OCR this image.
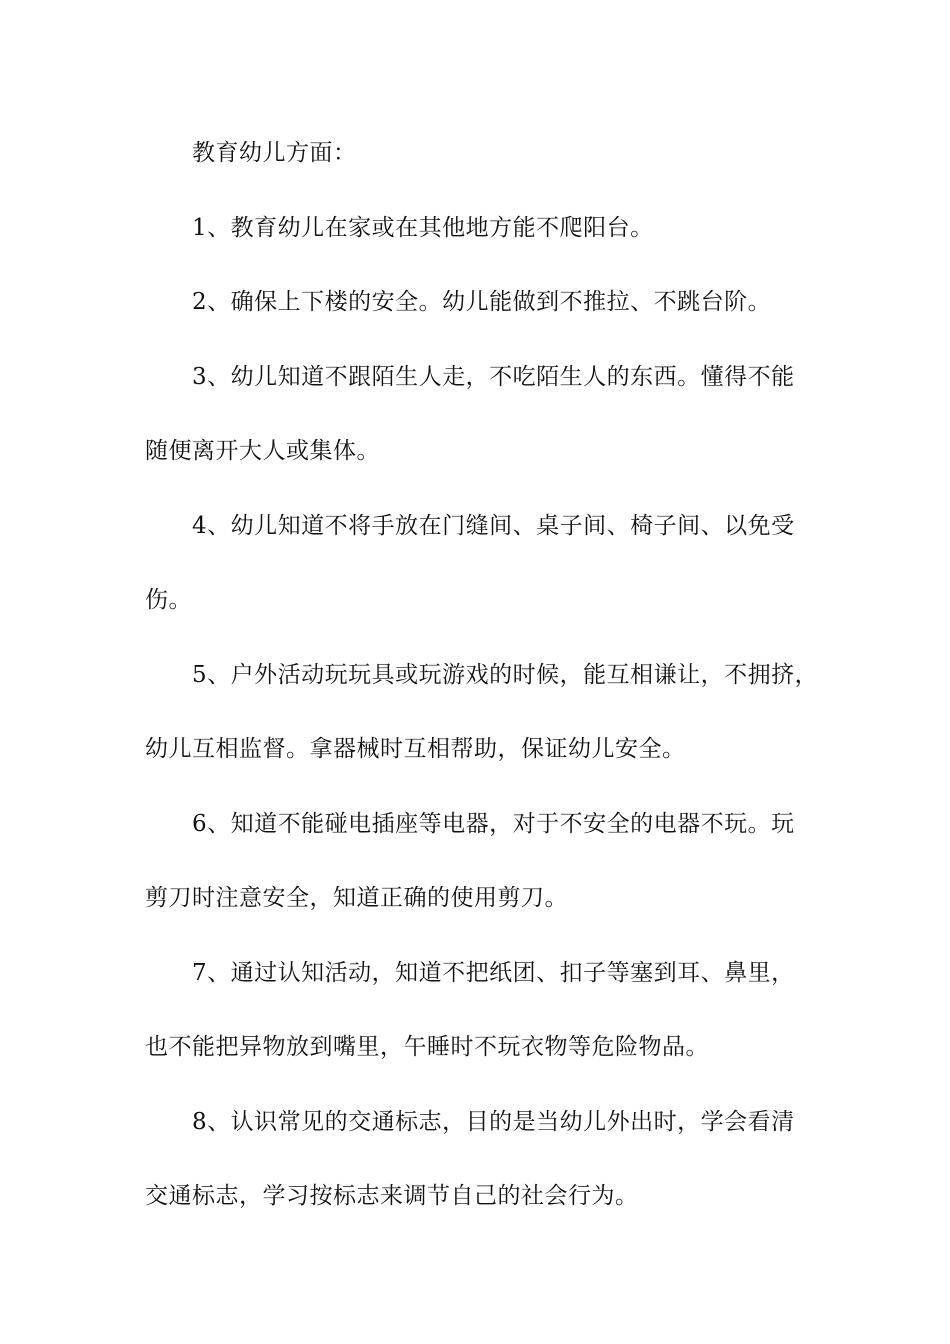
教育幼儿方面：
1、教育幼儿在家或在其他地方能不爬阳台。
2、确保上下楼的安全。幼儿能做到不推拉、不跳台阶。
3、幼儿知道不跟陌生人走，不吃陌生人的东西。懂得不能
随便离开大人或集体。
4、幼儿知道不将手放在门缝间、桌子间、椅子间、以免受
伤。
5、户外活动玩玩具或玩游戏的时候，能互相谦让，不拥挤，
幼儿互相监督。拿器械时互相帮助，保证幼儿安全。
6、知道不能碰电插座等电器，对于不安全的电器不玩。玩
剪刀时注意安全，知道正确的使用剪刀。
7、通过认知活动，知道不把纸团、扣子等塞到耳、鼻里，
也不能把异物放到嘴里，午睡时不玩衣物等危险物品。
8、认识常见的交通标志，目的是当幼儿外出时，学会看清
交通标志，学习按标志来调节自己的社会行为。
